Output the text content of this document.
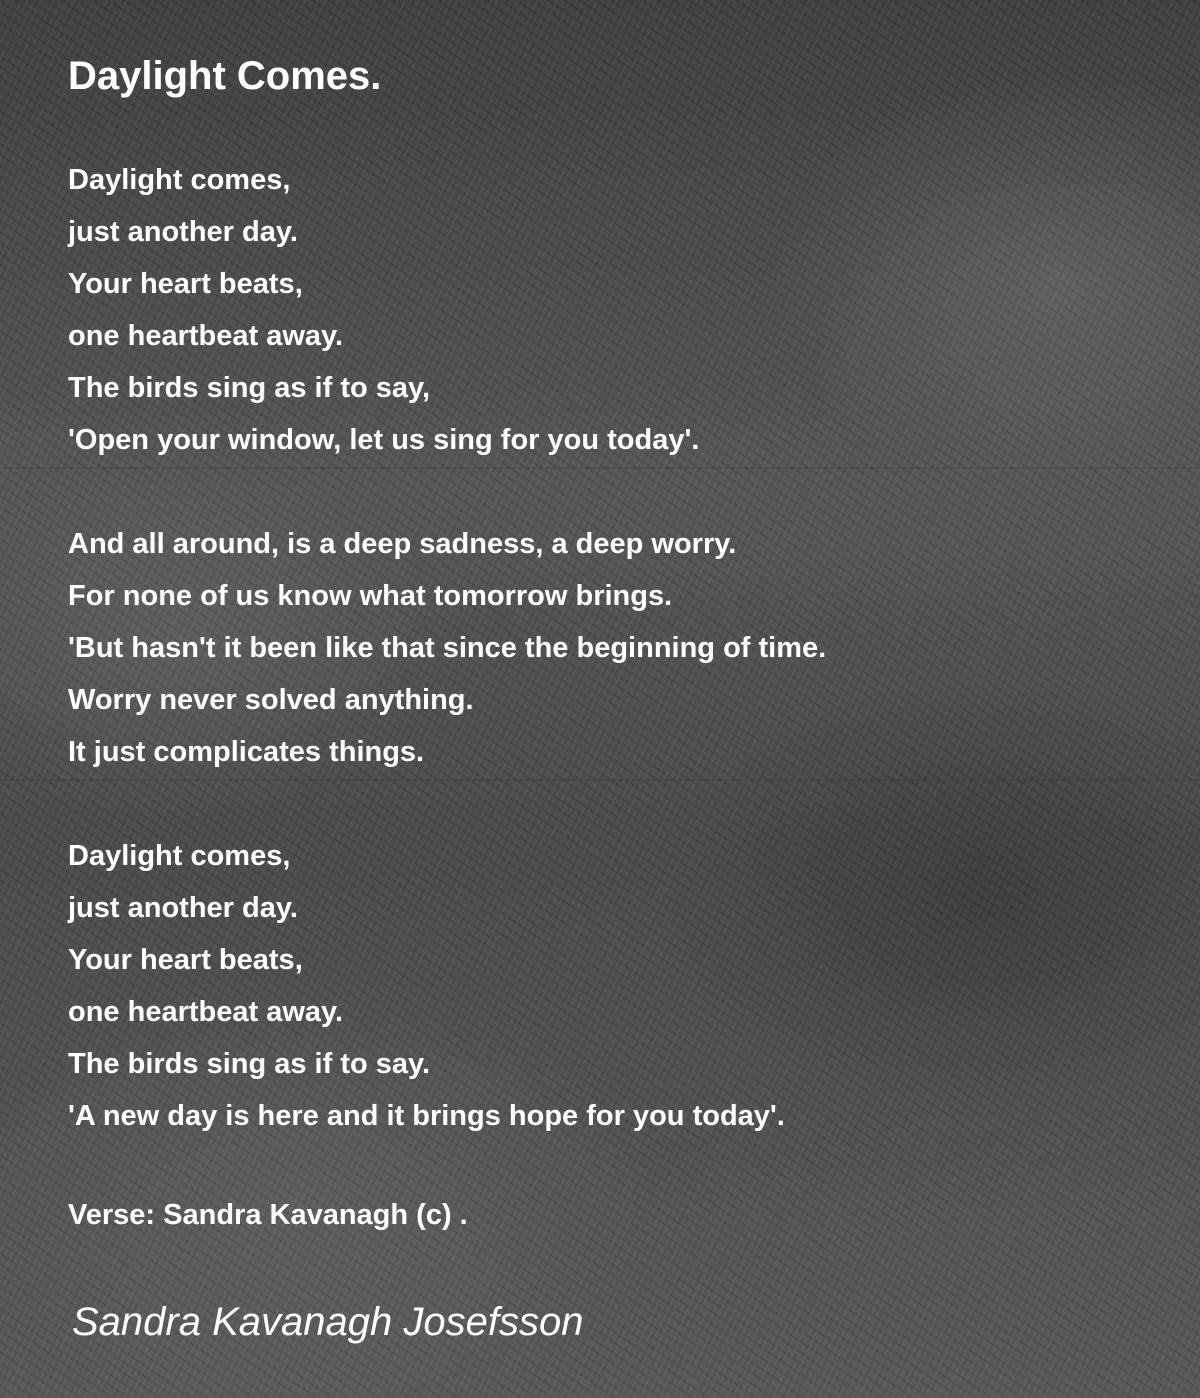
Daylight Comes.
Daylight comes,
just another day.
Your heart beats,
one heartbeat away.
The birds sing as if to say,
'Open your window, let us sing for you today'.
And all around, is a deep sadness, a deep worry.
For none of us know what tomorrow brings.
'But hasn't it been like that since the beginning of time.
Worry never solved anything.
It just complicates things.
Daylight comes,
just another day.
Your heart beats,
one heartbeat away.
The birds sing as if to say.
'A new day is here and it brings hope for you today'.

Verse: Sandra Kavanagh (c) .

Sandra Kavanagh Josefsson
